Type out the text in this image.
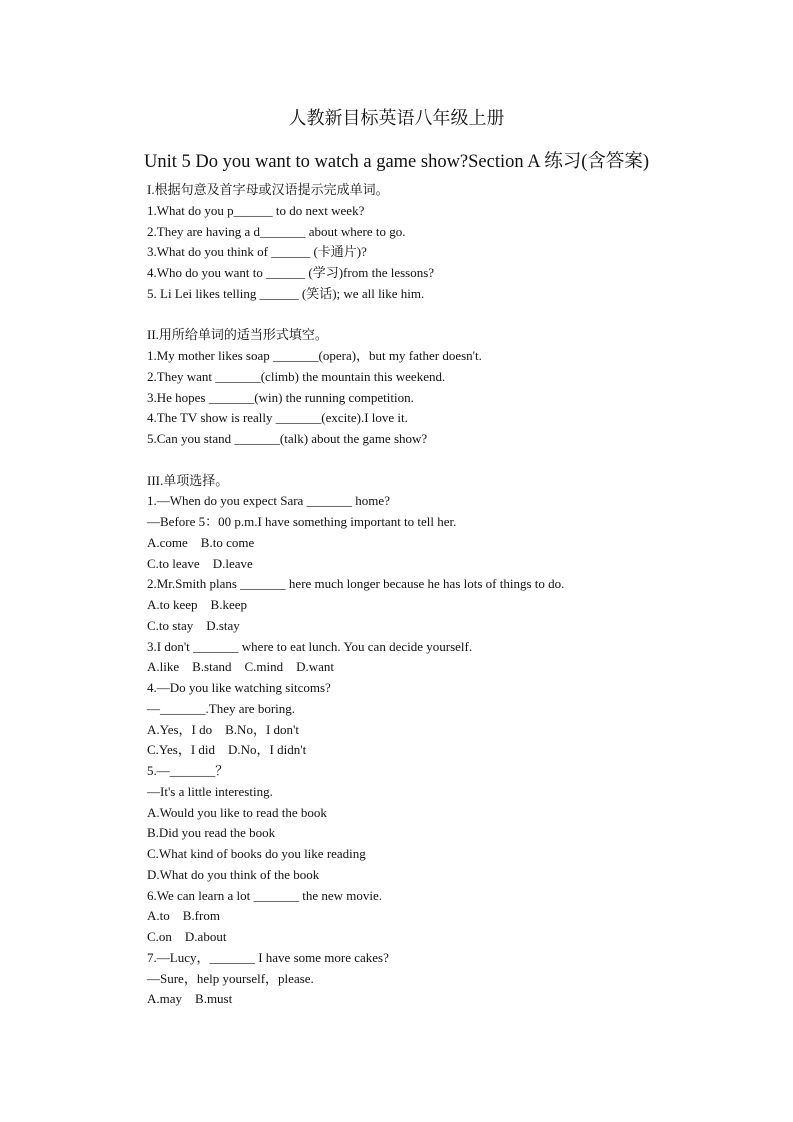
人教新目标英语八年级上册
Unit 5 Do you want to watch a game show?Section A 练习(含答案)
I.根据句意及首字母或汉语提示完成单词。
1.What do you p______ to do next week?
2.They are having a d_______ about where to go.
3.What do you think of ______ (卡通片)?
4.Who do you want to ______ (学习)from the lessons?
5. Li Lei likes telling ______ (笑话); we all like him.
II.用所给单词的适当形式填空。
1.My mother likes soap _______(opera)，but my father doesn't.
2.They want _______(climb) the mountain this weekend.
3.He hopes _______(win) the running competition.
4.The TV show is really _______(excite).I love it.
5.Can you stand _______(talk) about the game show?
III.单项选择。
1.—When do you expect Sara _______ home?
—Before 5：00 p.m.I have something important to tell her.
A.come    B.to come
C.to leave    D.leave
2.Mr.Smith plans _______ here much longer because he has lots of things to do.
A.to keep    B.keep
C.to stay    D.stay
3.I don't _______ where to eat lunch. You can decide yourself.
A.like    B.stand    C.mind    D.want
4.—Do you like watching sitcoms?
—_______.They are boring.
A.Yes，I do    B.No，I don't
C.Yes，I did    D.No，I didn't
5.—_______？
—It's a little interesting.
A.Would you like to read the book
B.Did you read the book
C.What kind of books do you like reading
D.What do you think of the book
6.We can learn a lot _______ the new movie.
A.to    B.from
C.on    D.about
7.—Lucy，_______ I have some more cakes?
—Sure，help yourself，please.
A.may    B.must
